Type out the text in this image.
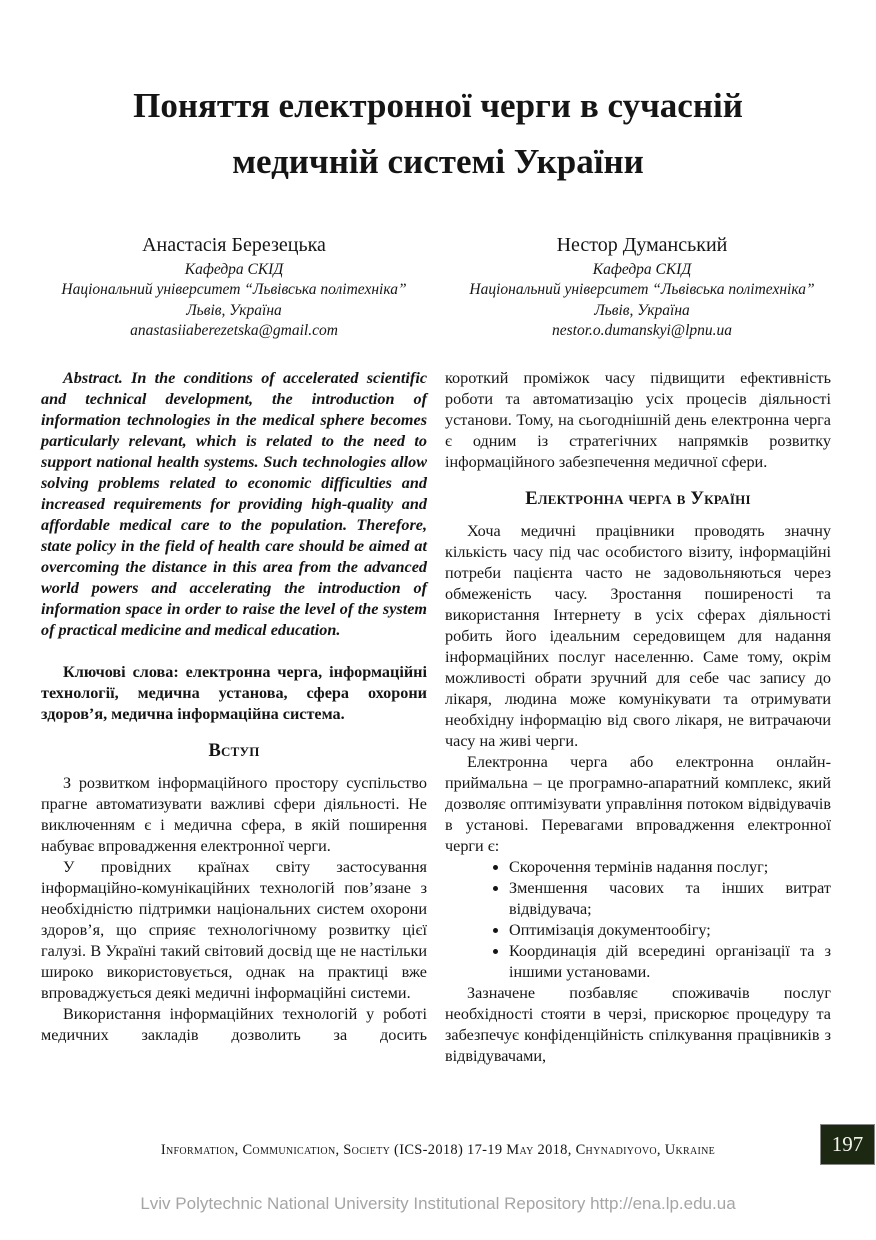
Поняття електронної черги в сучасній
медичній системі України
Анастасія Березецька
Кафедра СКІД
Національний університет “Львівська політехніка”
Львів, Україна
anastasiiaberezetska@gmail.com
Нестор Думанський
Кафедра СКІД
Національний університет “Львівська політехніка”
Львів, Україна
nestor.o.dumanskyi@lpnu.ua

Abstract. In the conditions of accelerated scientific and technical development, the introduction of information technologies in the medical sphere becomes particularly relevant, which is related to the need to support national health systems. Such technologies allow solving problems related to economic difficulties and increased requirements for providing high-quality and affordable medical care to the population. Therefore, state policy in the field of health care should be aimed at overcoming the distance in this area from the advanced world powers and accelerating the introduction of information space in order to raise the level of the system of practical medicine and medical education.

Ключові слова: електронна черга, інформаційні технології, медична установа, сфера охорони здоров’я, медична інформаційна система.

Вступ

З розвитком інформаційного простору суспільство прагне автоматизувати важливі сфери діяльності. Не виключенням є і медична сфера, в якій поширення набуває впровадження електронної черги.

У провідних країнах світу застосування інформаційно-комунікаційних технологій пов’язане з необхідністю підтримки національних систем охорони здоров’я, що сприяє технологічному розвитку цієї галузі. В Україні такий світовий досвід ще не настільки широко використовується, однак на практиці вже впроваджується деякі медичні інформаційні системи.

Використання інформаційних технологій у роботі медичних закладів дозволить за досить

короткий проміжок часу підвищити ефективність роботи та автоматизацію усіх процесів діяльності установи. Тому, на сьогоднішній день електронна черга є одним із стратегічних напрямків розвитку інформаційного забезпечення медичної сфери.

Електронна черга в Україні

Хоча медичні працівники проводять значну кількість часу під час особистого візиту, інформаційні потреби пацієнта часто не задовольняються через обмеженість часу. Зростання поширеності та використання Інтернету в усіх сферах діяльності робить його ідеальним середовищем для надання інформаційних послуг населенню. Саме тому, окрім можливості обрати зручний для себе час запису до лікаря, людина може комунікувати та отримувати необхідну інформацію від свого лікаря, не витрачаючи часу на живі черги.

Електронна черга або електронна онлайн-приймальна – це програмно-апаратний комплекс, який дозволяє оптимізувати управління потоком відвідувачів в установі. Перевагами впровадження електронної черги є:

• Скорочення термінів надання послуг;
• Зменшення часових та інших витрат відвідувача;
• Оптимізація документообігу;
• Координація дій всередині організації та з іншими установами.

Зазначене позбавляє споживачів послуг необхідності стояти в черзі, прискорює процедуру та забезпечує конфіденційність спілкування працівників з відвідувачами,

Information, Communication, Society (ICS-2018) 17-19 May 2018, Chynadiyovo, Ukraine	197
Lviv Polytechnic National University Institutional Repository http://ena.lp.edu.ua
